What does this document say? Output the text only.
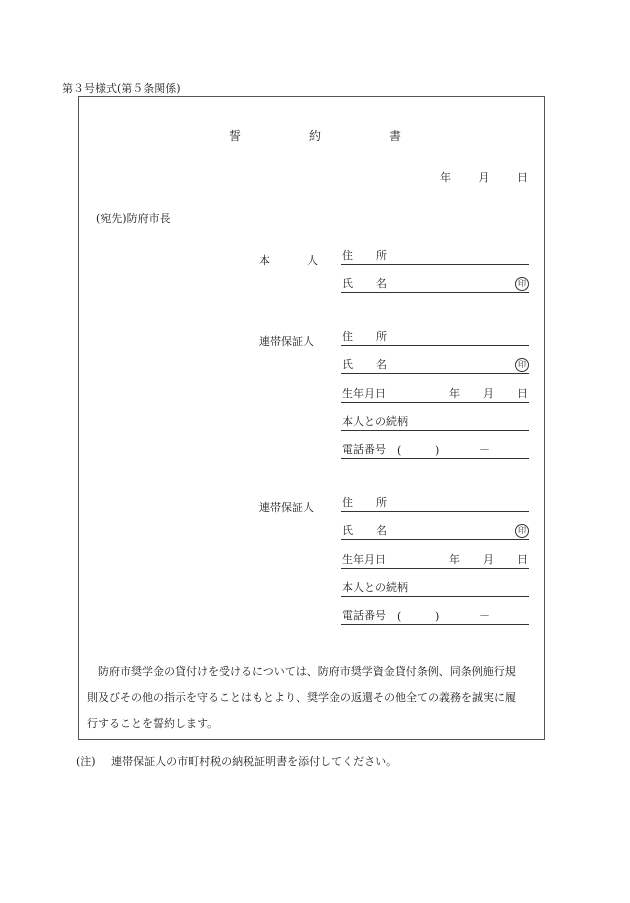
第３号様式(第５条関係)
誓	約	書
年	月	日
(宛先)防府市長
本	人 住 所
氏 名	印
連帯保証人	住 所
氏 名	印
生年月日	年 月 日
本人との続柄
電話番号 (	)	－
連帯保証人	住 所
氏 名	印
生年月日	年 月 日
本人との続柄
電話番号 (	)	－

　防府市奨学金の貸付けを受けるについては、防府市奨学資金貸付条例、同条例施行規

則及びその他の指示を守ることはもとより、奨学金の返還その他全ての義務を誠実に履

行することを誓約します。

(注) 連帯保証人の市町村税の納税証明書を添付してください。
